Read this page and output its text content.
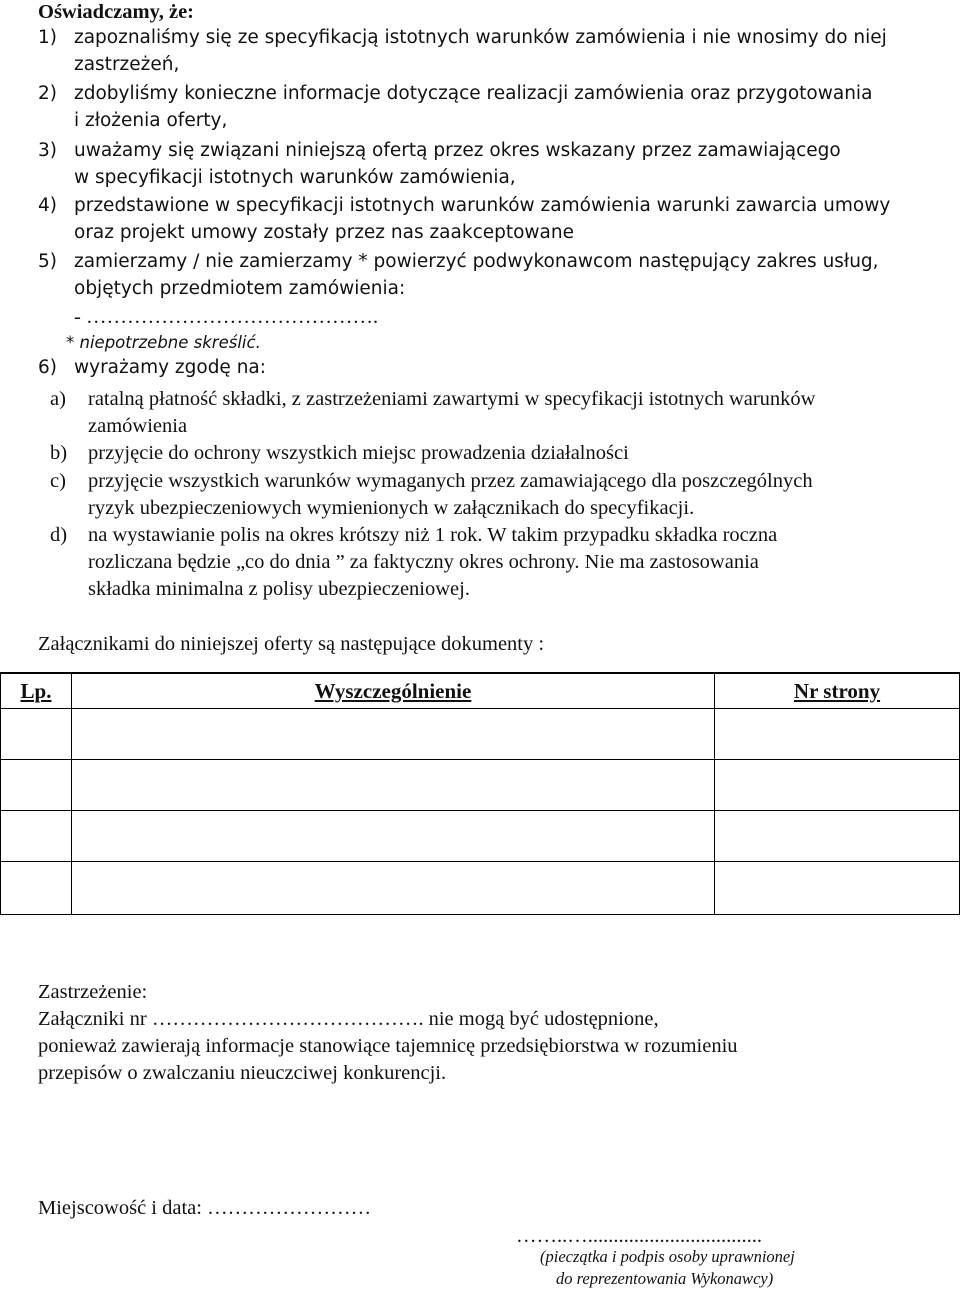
Oświadczamy, że:
1) zapoznaliśmy się ze specyfikacją istotnych warunków zamówienia i nie wnosimy do niej
zastrzeżeń,
2) zdobyliśmy konieczne informacje dotyczące realizacji zamówienia oraz przygotowania
i złożenia oferty,
3) uważamy się związani niniejszą ofertą przez okres wskazany przez zamawiającego
w specyfikacji istotnych warunków zamówienia,
4) przedstawione w specyfikacji istotnych warunków zamówienia warunki zawarcia umowy
oraz projekt umowy zostały przez nas zaakceptowane
5) zamierzamy / nie zamierzamy * powierzyć podwykonawcom następujący zakres usług,
objętych przedmiotem zamówienia:
- …………………………………….
* niepotrzebne skreślić.
6) wyrażamy zgodę na:
a) ratalną płatność składki, z zastrzeżeniami zawartymi w specyfikacji istotnych warunków
zamówienia
b) przyjęcie do ochrony wszystkich miejsc prowadzenia działalności
c) przyjęcie wszystkich warunków wymaganych przez zamawiającego dla poszczególnych
ryzyk ubezpieczeniowych wymienionych w załącznikach do specyfikacji.
d) na wystawianie polis na okres krótszy niż 1 rok. W takim przypadku składka roczna
rozliczana będzie „co do dnia ” za faktyczny okres ochrony. Nie ma zastosowania
składka minimalna z polisy ubezpieczeniowej.
Załącznikami do niniejszej oferty są następujące dokumenty :
Lp.	Wyszczególnienie	Nr strony

Zastrzeżenie:
Załączniki nr …………………………………. nie mogą być udostępnione,
ponieważ zawierają informacje stanowiące tajemnicę przedsiębiorstwa w rozumieniu
przepisów o zwalczaniu nieuczciwej konkurencji.
Miejscowość i data: ……………………
……..…..................................
(pieczątka i podpis osoby uprawnionej
do reprezentowania Wykonawcy)
